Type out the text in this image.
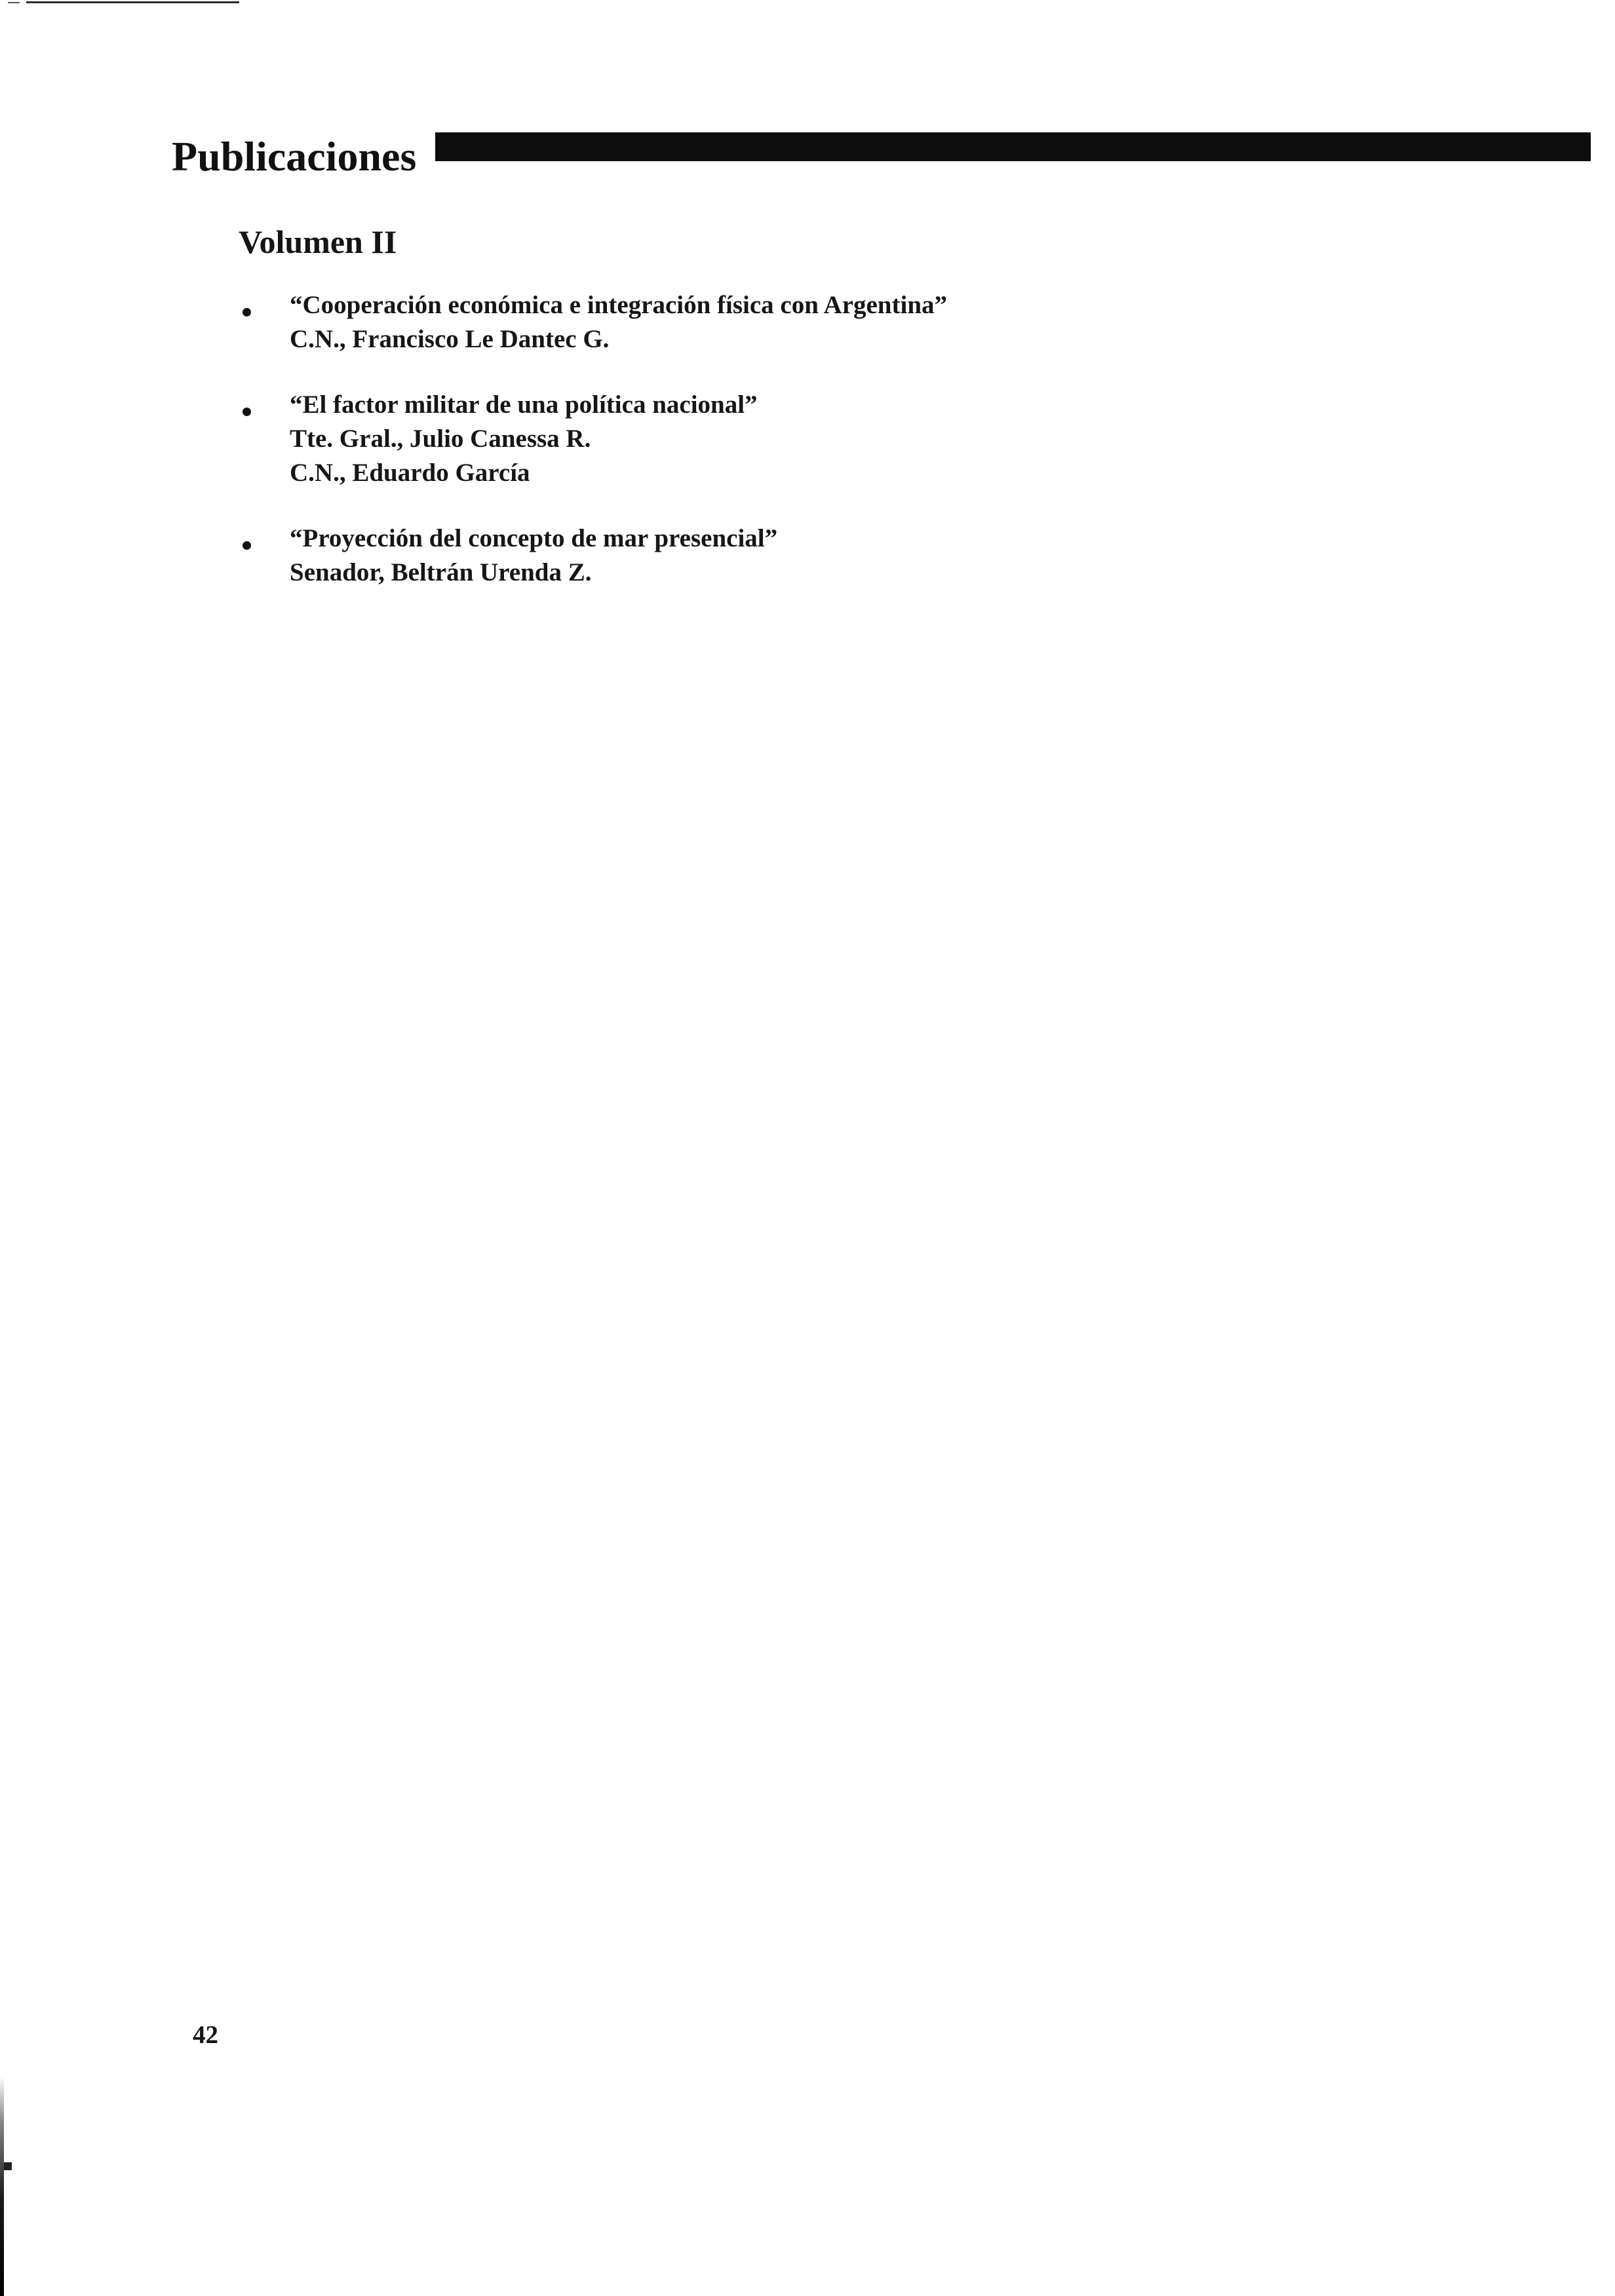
Publicaciones
Volumen II
“Cooperación económica e integración física con Argentina”
C.N., Francisco Le Dantec G.
“El factor militar de una política nacional”
Tte. Gral., Julio Canessa R.
C.N., Eduardo García
“Proyección del concepto de mar presencial”
Senador, Beltrán Urenda Z.
42
